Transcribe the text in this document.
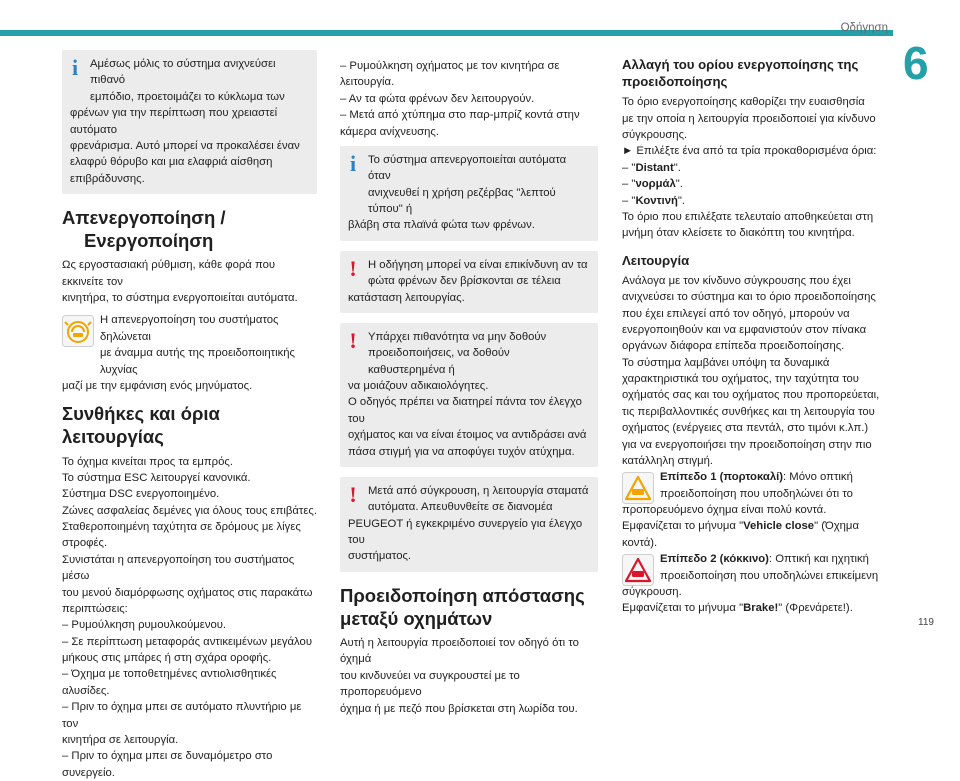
Οδήγηση
6
119
i	Αμέσως μόλις το σύστημα ανιχνεύσει πιθανό
εμπόδιο, προετοιμάζει το κύκλωμα των
φρένων για την περίπτωση που χρειαστεί αυτόματο
φρενάρισμα. Αυτό μπορεί να προκαλέσει έναν
ελαφρύ θόρυβο και μια ελαφριά αίσθηση
επιβράδυνσης.
Απενεργοποίηση /
Ενεργοποίηση

Ως εργοστασιακή ρύθμιση, κάθε φορά που εκκινείτε τον
κινητήρα, το σύστημα ενεργοποιείται αυτόματα.

Η απενεργοποίηση του συστήματος δηλώνεται
με άναμμα αυτής της προειδοποιητικής λυχνίας
μαζί με την εμφάνιση ενός μηνύματος.

Συνθήκες και όρια λειτουργίας

Το όχημα κινείται προς τα εμπρός.
Το σύστημα ESC λειτουργεί κανονικά.
Σύστημα DSC ενεργοποιημένο.
Ζώνες ασφαλείας δεμένες για όλους τους επιβάτες.
Σταθεροποιημένη ταχύτητα σε δρόμους με λίγες
στροφές.
Συνιστάται η απενεργοποίηση του συστήματος μέσω
του μενού διαμόρφωσης οχήματος στις παρακάτω
περιπτώσεις:
– Ρυμούλκηση ρυμουλκούμενου.
– Σε περίπτωση μεταφοράς αντικειμένων μεγάλου
μήκους στις μπάρες ή στη σχάρα οροφής.
– Όχημα με τοποθετημένες αντιολισθητικές αλυσίδες.
– Πριν το όχημα μπει σε αυτόματο πλυντήριο με τον
κινητήρα σε λειτουργία.
– Πριν το όχημα μπει σε δυναμόμετρο στο συνεργείο.

– Ρυμούλκηση οχήματος με τον κινητήρα σε
λειτουργία.
– Αν τα φώτα φρένων δεν λειτουργούν.
– Μετά από χτύπημα στο παρ-μπρίζ κοντά στην
κάμερα ανίχνευσης.

i	Το σύστημα απενεργοποιείται αυτόματα όταν
ανιχνευθεί η χρήση ρεζέρβας "λεπτού τύπου" ή
βλάβη στα πλαϊνά φώτα των φρένων.
!	Η οδήγηση μπορεί να είναι επικίνδυνη αν τα
φώτα φρένων δεν βρίσκονται σε τέλεια
κατάσταση λειτουργίας.
!	Υπάρχει πιθανότητα να μην δοθούν
προειδοποιήσεις, να δοθούν καθυστερημένα ή
να μοιάζουν αδικαιολόγητες.
Ο οδηγός πρέπει να διατηρεί πάντα τον έλεγχο του
οχήματος και να είναι έτοιμος να αντιδράσει ανά
πάσα στιγμή για να αποφύγει τυχόν ατύχημα.
!	Μετά από σύγκρουση, η λειτουργία σταματά
αυτόματα. Απευθυνθείτε σε διανομέα
PEUGEOT ή εγκεκριμένο συνεργείο για έλεγχο του
συστήματος.
Προειδοποίηση απόστασης
μεταξύ οχημάτων

Αυτή η λειτουργία προειδοποιεί τον οδηγό ότι το όχημά
του κινδυνεύει να συγκρουστεί με το προπορευόμενο
όχημα ή με πεζό που βρίσκεται στη λωρίδα του.

Αλλαγή του ορίου ενεργοποίησης της
προειδοποίησης

Το όριο ενεργοποίησης καθορίζει την ευαισθησία
με την οποία η λειτουργία προειδοποιεί για κίνδυνο
σύγκρουσης.
► Επιλέξτε ένα από τα τρία προκαθορισμένα όρια:
– "Distant".
– "νορμάλ".
– "Κοντινή".

Το όριο που επιλέξατε τελευταίο αποθηκεύεται στη
μνήμη όταν κλείσετε το διακόπτη του κινητήρα.

Λειτουργία

Ανάλογα με τον κίνδυνο σύγκρουσης που έχει
ανιχνεύσει το σύστημα και το όριο προειδοποίησης
που έχει επιλεγεί από τον οδηγό, μπορούν να
ενεργοποιηθούν και να εμφανιστούν στον πίνακα
οργάνων διάφορα επίπεδα προειδοποίησης.
Το σύστημα λαμβάνει υπόψη τα δυναμικά
χαρακτηριστικά του οχήματος, την ταχύτητα του
οχήματός σας και του οχήματος που προπορεύεται,
τις περιβαλλοντικές συνθήκες και τη λειτουργία του
οχήματος (ενέργειες στα πεντάλ, στο τιμόνι κ.λπ.)
για να ενεργοποιήσει την προειδοποίηση στην πιο
κατάλληλη στιγμή.

Επίπεδο 1 (πορτοκαλί): Μόνο οπτική
προειδοποίηση που υποδηλώνει ότι το
προπορευόμενο όχημα είναι πολύ κοντά.
Εμφανίζεται το μήνυμα "Vehicle close" (Όχημα κοντά).

Επίπεδο 2 (κόκκινο): Οπτική και ηχητική
προειδοποίηση που υποδηλώνει επικείμενη
σύγκρουση.
Εμφανίζεται το μήνυμα "Brake!" (Φρενάρετε!).
